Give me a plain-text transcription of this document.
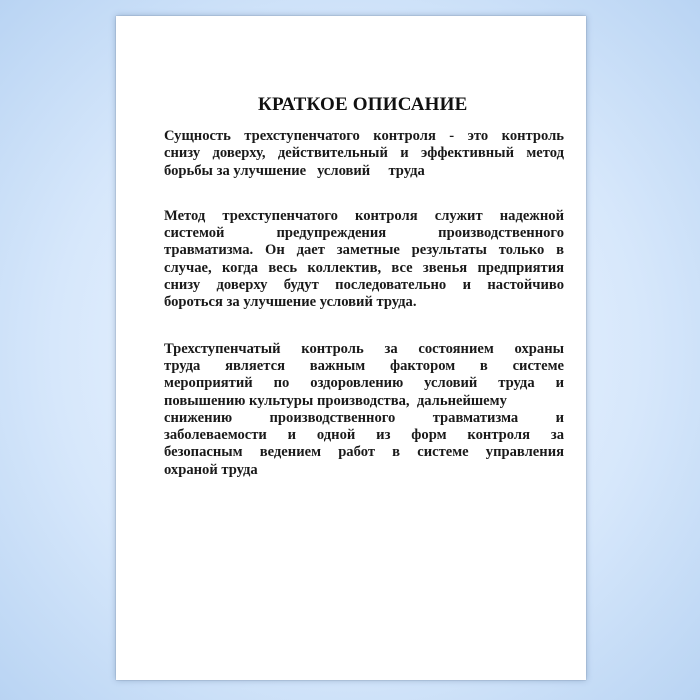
КРАТКОЕ ОПИСАНИЕ

Сущность трехступенчатого контроля - это контроль
снизу доверху, действительный и эффективный метод
борьбы за улучшение   условий     труда

Метод трехступенчатого контроля служит надежной
системой предупреждения производственного
травматизма. Он дает заметные результаты только в
случае, когда весь коллектив, все звенья предприятия
снизу доверху будут последовательно и настойчиво
бороться за улучшение условий труда.

Трехступенчатый контроль за состоянием охраны
труда является важным фактором в системе
мероприятий по оздоровлению условий труда и
повышению культуры производства,  дальнейшему
снижению производственного травматизма и
заболеваемости и одной из форм контроля за
безопасным ведением работ в системе управления
охраной труда
